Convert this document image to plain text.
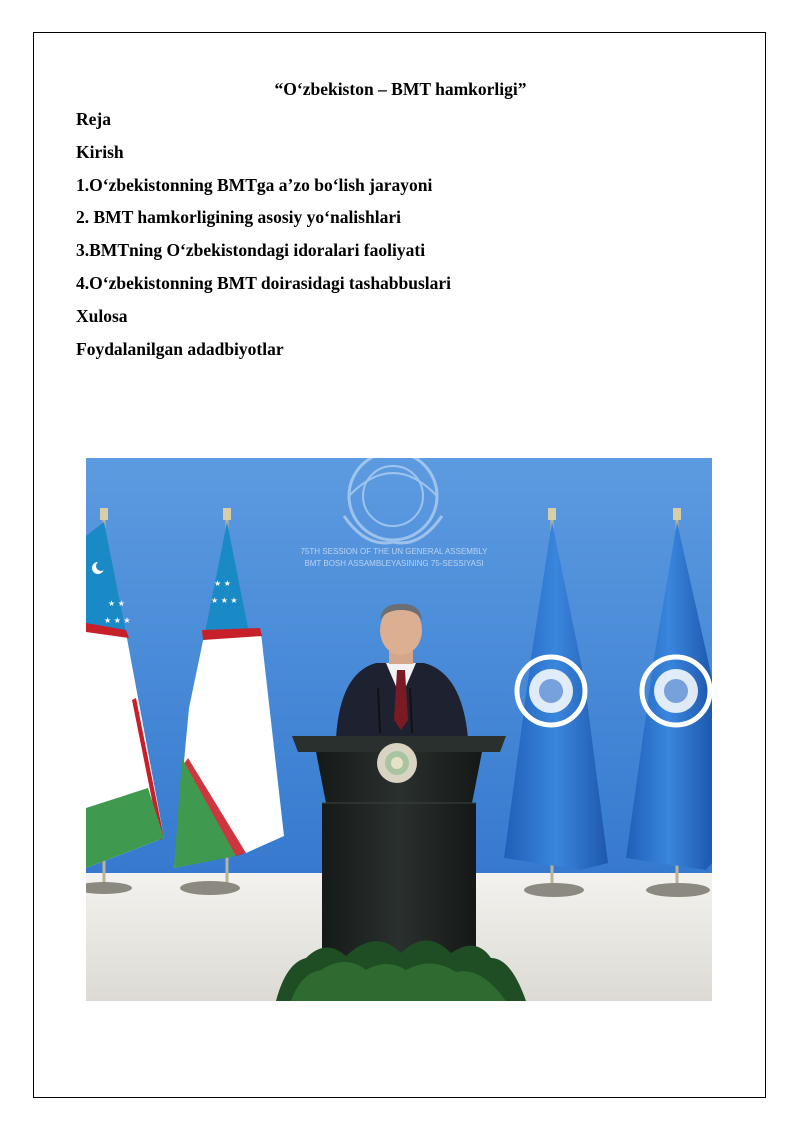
“O‘zbekiston – BMT hamkorligi”
Reja
Kirish
1.O‘zbekistonning BMTga a’zo bo‘lish jarayoni
2. BMT hamkorligining asosiy yo‘nalishlari
3.BMTning O‘zbekistondagi idoralari faoliyati
4.O‘zbekistonning BMT doirasidagi tashabbuslari
Xulosa
Foydalanilgan adadbiyotlar
75TH SESSION OF THE UN GENERAL ASSEMBLY
BMT BOSH ASSAMBLEYASINING 75-SESSIYASI
★ ★
★ ★ ★
★ ★
★ ★ ★
